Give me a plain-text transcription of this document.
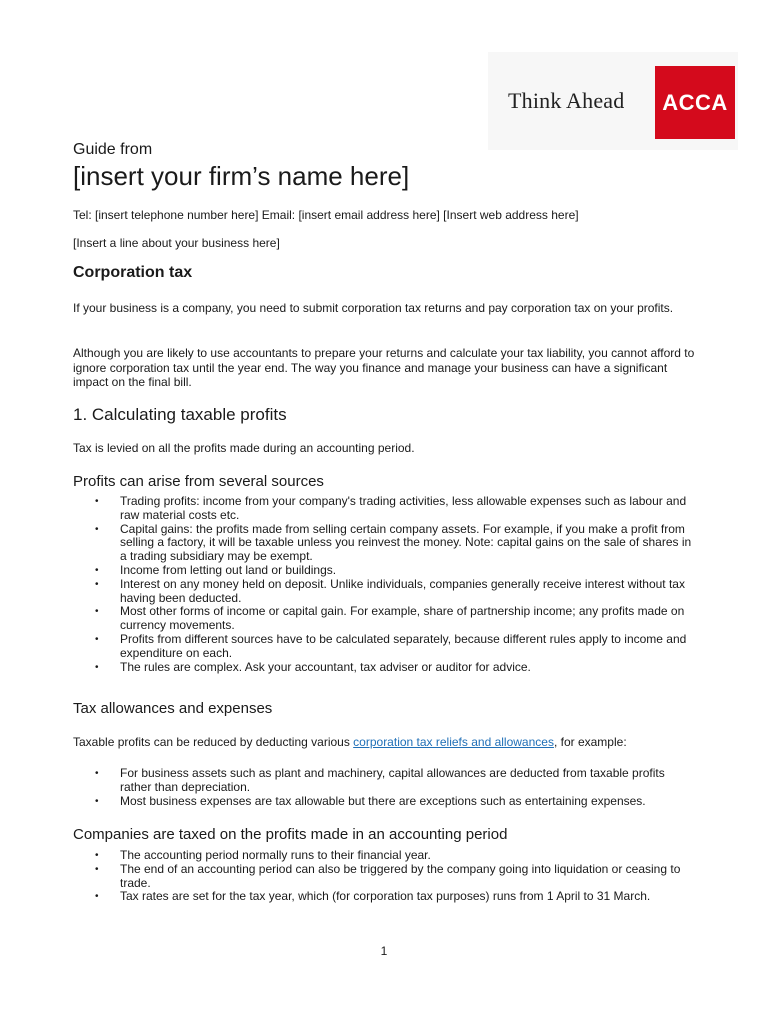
Think Ahead ACCA
Guide from
[insert your firm’s name here]
Tel: [insert telephone number here] Email: [insert email address here] [Insert web address here]
[Insert a line about your business here]
Corporation tax
If your business is a company, you need to submit corporation tax returns and pay corporation tax on your profits.
Although you are likely to use accountants to prepare your returns and calculate your tax liability, you cannot afford to ignore corporation tax until the year end. The way you finance and manage your business can have a significant impact on the final bill.
1. Calculating taxable profits
Tax is levied on all the profits made during an accounting period.
Profits can arise from several sources
• Trading profits: income from your company's trading activities, less allowable expenses such as labour and raw material costs etc.
• Capital gains: the profits made from selling certain company assets. For example, if you make a profit from selling a factory, it will be taxable unless you reinvest the money. Note: capital gains on the sale of shares in a trading subsidiary may be exempt.
• Income from letting out land or buildings.
• Interest on any money held on deposit. Unlike individuals, companies generally receive interest without tax having been deducted.
• Most other forms of income or capital gain. For example, share of partnership income; any profits made on currency movements.
• Profits from different sources have to be calculated separately, because different rules apply to income and expenditure on each.
• The rules are complex. Ask your accountant, tax adviser or auditor for advice.
Tax allowances and expenses
Taxable profits can be reduced by deducting various corporation tax reliefs and allowances, for example:
• For business assets such as plant and machinery, capital allowances are deducted from taxable profits rather than depreciation.
• Most business expenses are tax allowable but there are exceptions such as entertaining expenses.
Companies are taxed on the profits made in an accounting period
• The accounting period normally runs to their financial year.
• The end of an accounting period can also be triggered by the company going into liquidation or ceasing to trade.
• Tax rates are set for the tax year, which (for corporation tax purposes) runs from 1 April to 31 March.
1
